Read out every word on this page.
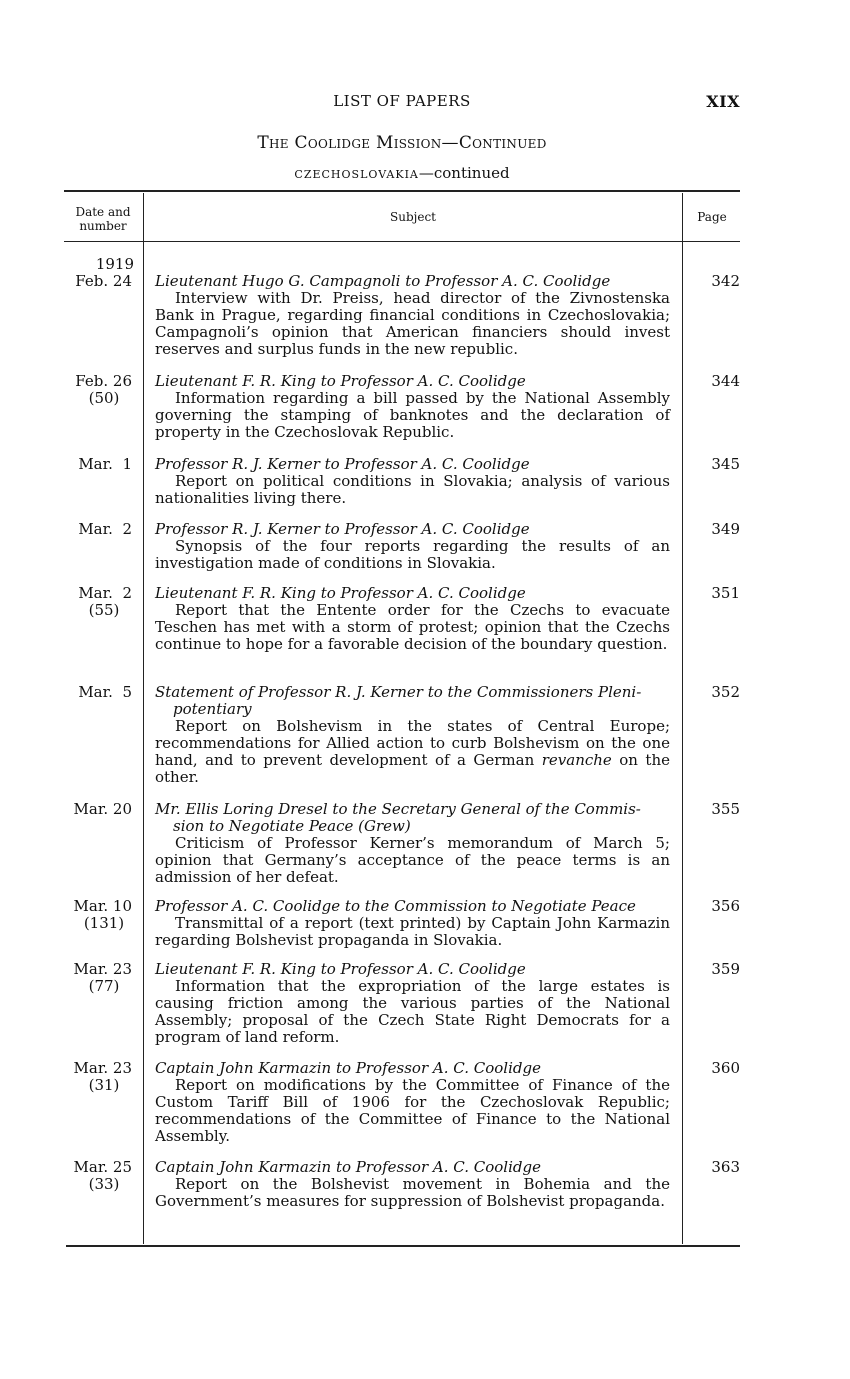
LIST OF PAPERS	XIX
The Coolidge Mission—Continued
CZECHOSLOVAKIA—continued
Date and
number
Subject	Page
1919
Feb. 24 Lieutenant Hugo G. Campagnoli to Professor A. C. Coolidge
Interview with Dr. Preiss, head director of the Zivnostenska Bank in Prague, regarding financial conditions in Czechoslovakia; Campagnoli’s opinion that American financiers should invest reserves and surplus funds in the new republic.
342
Feb. 26
(50)
Lieutenant F. R. King to Professor A. C. Coolidge
Information regarding a bill passed by the National Assembly governing the stamping of banknotes and the declaration of property in the Czechoslovak Republic.
344
Mar.  1 Professor R. J. Kerner to Professor A. C. Coolidge
Report on political conditions in Slovakia; analysis of various nationalities living there.
345
Mar.  2 Professor R. J. Kerner to Professor A. C. Coolidge
Synopsis of the four reports regarding the results of an investigation made of conditions in Slovakia.
349
Mar.  2
(55)
Lieutenant F. R. King to Professor A. C. Coolidge
Report that the Entente order for the Czechs to evacuate Teschen has met with a storm of protest; opinion that the Czechs continue to hope for a favorable decision of the boundary question.
351
Mar.  5 Statement of Professor R. J. Kerner to the Commissioners Pleni-
potentiary
Report on Bolshevism in the states of Central Europe; recommendations for Allied action to curb Bolshevism on the one hand, and to prevent development of a German revanche on the other.
352
Mar. 20 Mr. Ellis Loring Dresel to the Secretary General of the Commis-
sion to Negotiate Peace (Grew)
Criticism of Professor Kerner’s memorandum of March 5; opinion that Germany’s acceptance of the peace terms is an admission of her defeat.
355
Mar. 10
(131)
Professor A. C. Coolidge to the Commission to Negotiate Peace
Transmittal of a report (text printed) by Captain John Karmazin regarding Bolshevist propaganda in Slovakia.
356
Mar. 23
(77)
Lieutenant F. R. King to Professor A. C. Coolidge
Information that the expropriation of the large estates is causing friction among the various parties of the National Assembly; proposal of the Czech State Right Democrats for a program of land reform.
359
Mar. 23
(31)
Captain John Karmazin to Professor A. C. Coolidge
Report on modifications by the Committee of Finance of the Custom Tariff Bill of 1906 for the Czechoslovak Republic; recommendations of the Committee of Finance to the National Assembly.
360
Mar. 25
(33)
Captain John Karmazin to Professor A. C. Coolidge
Report on the Bolshevist movement in Bohemia and the Government’s measures for suppression of Bolshevist propaganda.
363
